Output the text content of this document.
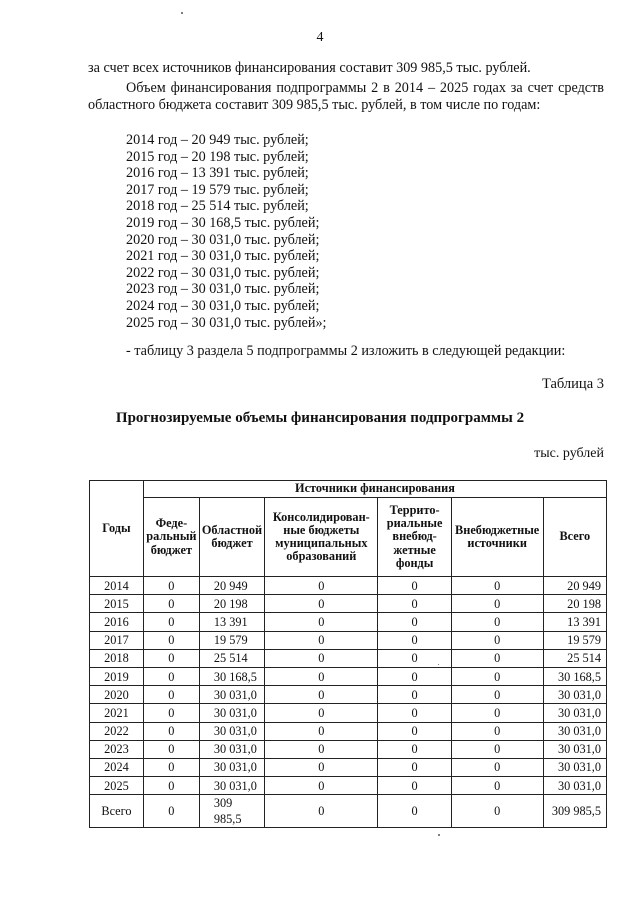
4
за счет всех источников финансирования составит 309 985,5 тыс. рублей.
Объем финансирования подпрограммы 2 в 2014 – 2025 годах за счет средств областного бюджета составит 309 985,5 тыс. рублей, в том числе по годам:
2014 год – 20 949 тыс. рублей;
2015 год – 20 198 тыс. рублей;
2016 год – 13 391 тыс. рублей;
2017 год – 19 579 тыс. рублей;
2018 год – 25 514 тыс. рублей;
2019 год – 30 168,5 тыс. рублей;
2020 год – 30 031,0 тыс. рублей;
2021 год – 30 031,0 тыс. рублей;
2022 год – 30 031,0 тыс. рублей;
2023 год – 30 031,0 тыс. рублей;
2024 год – 30 031,0 тыс. рублей;
2025 год – 30 031,0 тыс. рублей»;
- таблицу 3 раздела 5 подпрограммы 2 изложить в следующей редакции:
Таблица 3
Прогнозируемые объемы финансирования подпрограммы 2
тыс. рублей
Годы	Источники финансирования					
	Феде-
ральный
бюджет	Областной
бюджет	Консолидирован-
ные бюджеты
муниципальных
образований	Террито-
риальные
внебюд-
жетные
фонды	Внебюджетные
источники	Всего
2014	0	20 949	0	0	0	20 949
2015	0	20 198	0	0	0	20 198
2016	0	13 391	0	0	0	13 391
2017	0	19 579	0	0	0	19 579
2018	0	25 514	0	0	0	25 514
2019	0	30 168,5	0	0	0	30 168,5
2020	0	30 031,0	0	0	0	30 031,0
2021	0	30 031,0	0	0	0	30 031,0
2022	0	30 031,0	0	0	0	30 031,0
2023	0	30 031,0	0	0	0	30 031,0
2024	0	30 031,0	0	0	0	30 031,0
2025	0	30 031,0	0	0	0	30 031,0
Всего	0	309 985,5	0	0	0	309 985,5
